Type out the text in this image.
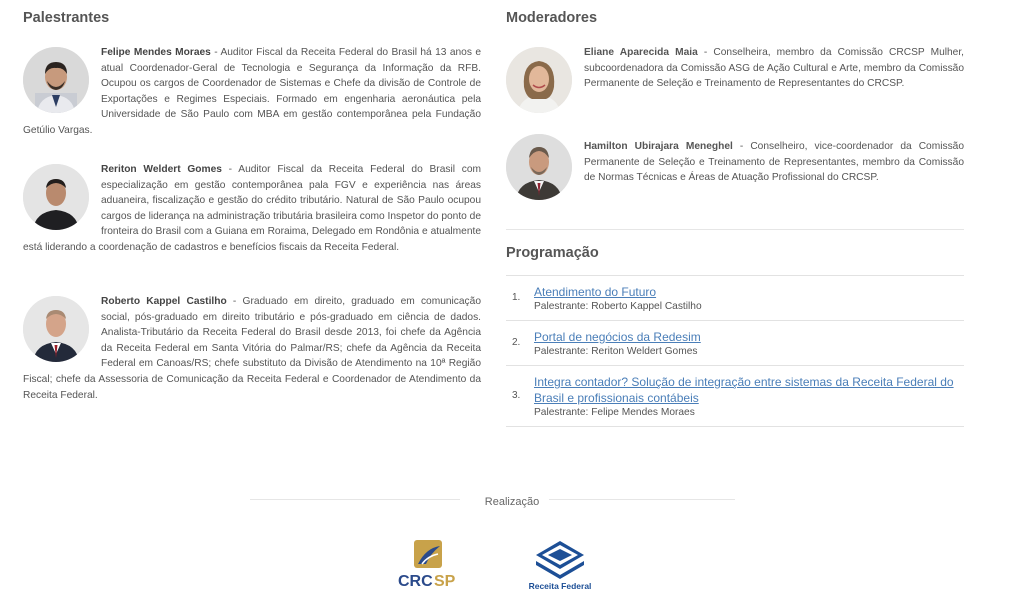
Palestrantes
Felipe Mendes Moraes - Auditor Fiscal da Receita Federal do Brasil há 13 anos e atual Coordenador-Geral de Tecnologia e Segurança da Informação da RFB. Ocupou os cargos de Coordenador de Sistemas e Chefe da divisão de Controle de Exportações e Regimes Especiais. Formado em engenharia aeronáutica pela Universidade de São Paulo com MBA em gestão contemporânea pela Fundação Getúlio Vargas.
Reriton Weldert Gomes - Auditor Fiscal da Receita Federal do Brasil com especialização em gestão contemporânea pala FGV e experiência nas áreas aduaneira, fiscalização e gestão do crédito tributário. Natural de São Paulo ocupou cargos de liderança na administração tributária brasileira como Inspetor do ponto de fronteira do Brasil com a Guiana em Roraima, Delegado em Rondônia e atualmente está liderando a coordenação de cadastros e benefícios fiscais da Receita Federal.
Roberto Kappel Castilho - Graduado em direito, graduado em comunicação social, pós-graduado em direito tributário e pós-graduado em ciência de dados. Analista-Tributário da Receita Federal do Brasil desde 2013, foi chefe da Agência da Receita Federal em Santa Vitória do Palmar/RS; chefe da Agência da Receita Federal em Canoas/RS; chefe substituto da Divisão de Atendimento na 10ª Região Fiscal; chefe da Assessoria de Comunicação da Receita Federal e Coordenador de Atendimento da Receita Federal.
Moderadores
Eliane Aparecida Maia - Conselheira, membro da Comissão CRCSP Mulher, subcoordenadora da Comissão ASG de Ação Cultural e Arte, membro da Comissão Permanente de Seleção e Treinamento de Representantes do CRCSP.
Hamilton Ubirajara Meneghel - Conselheiro, vice-coordenador da Comissão Permanente de Seleção e Treinamento de Representantes, membro da Comissão de Normas Técnicas e Áreas de Atuação Profissional do CRCSP.
Programação
1. Atendimento do Futuro
Palestrante: Roberto Kappel Castilho
2. Portal de negócios da Redesim
Palestrante: Reriton Weldert Gomes
3.
Integra contador? Solução de integração entre sistemas da Receita Federal do Brasil e profissionais contábeis
Palestrante: Felipe Mendes Moraes
Realização
CRC SP	Receita Federal
